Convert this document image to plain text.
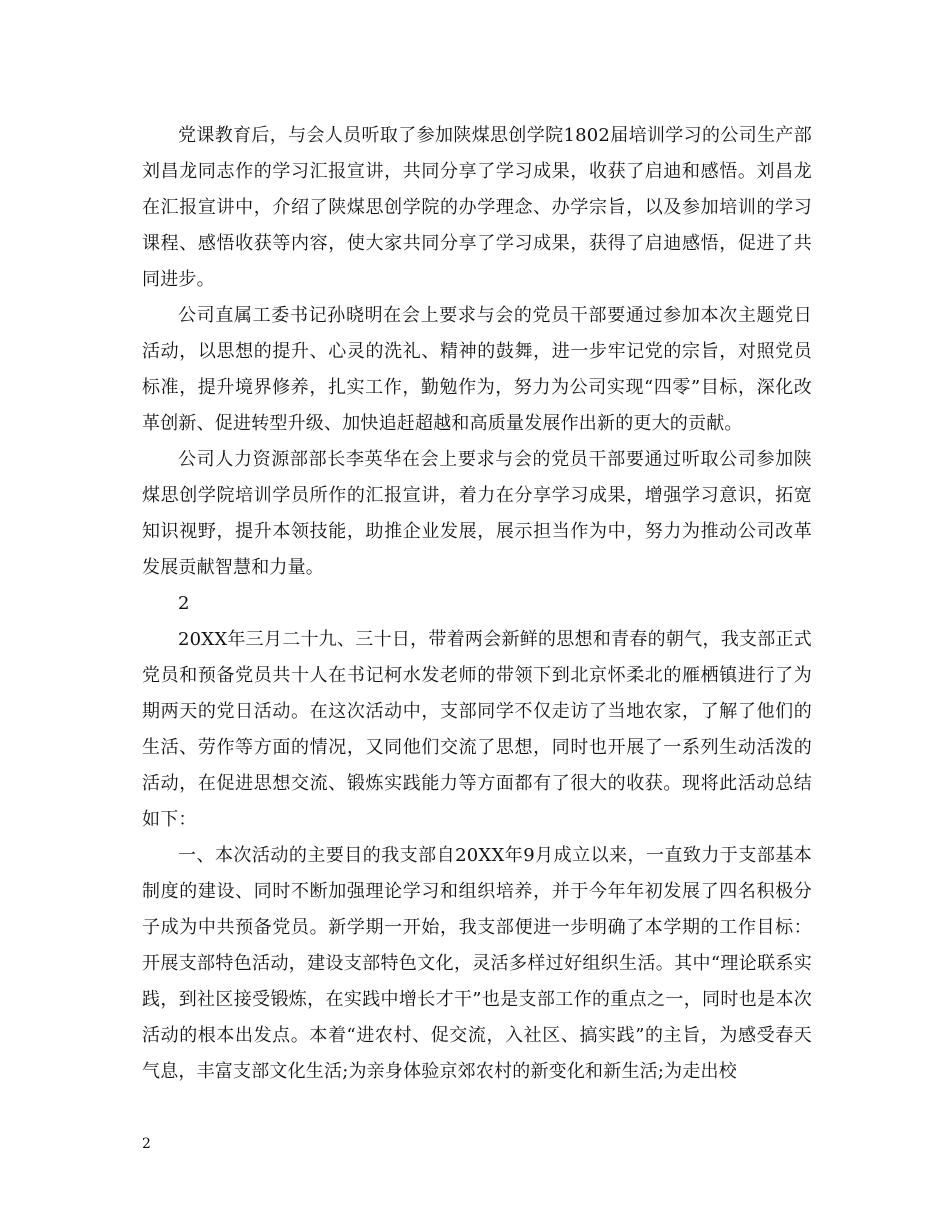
党课教育后，与会人员听取了参加陕煤思创学院1802届培训学习的公司生产部刘昌龙同志作的学习汇报宣讲，共同分享了学习成果，收获了启迪和感悟。刘昌龙在汇报宣讲中，介绍了陕煤思创学院的办学理念、办学宗旨，以及参加培训的学习课程、感悟收获等内容，使大家共同分享了学习成果，获得了启迪感悟，促进了共同进步。

公司直属工委书记孙晓明在会上要求与会的党员干部要通过参加本次主题党日活动，以思想的提升、心灵的洗礼、精神的鼓舞，进一步牢记党的宗旨，对照党员标准，提升境界修养，扎实工作，勤勉作为，努力为公司实现“四零”目标，深化改革创新、促进转型升级、加快追赶超越和高质量发展作出新的更大的贡献。

公司人力资源部部长李英华在会上要求与会的党员干部要通过听取公司参加陕煤思创学院培训学员所作的汇报宣讲，着力在分享学习成果，增强学习意识，拓宽知识视野，提升本领技能，助推企业发展，展示担当作为中，努力为推动公司改革发展贡献智慧和力量。

2

20XX年三月二十九、三十日，带着两会新鲜的思想和青春的朝气，我支部正式党员和预备党员共十人在书记柯水发老师的带领下到北京怀柔北的雁栖镇进行了为期两天的党日活动。在这次活动中，支部同学不仅走访了当地农家，了解了他们的生活、劳作等方面的情况，又同他们交流了思想，同时也开展了一系列生动活泼的活动，在促进思想交流、锻炼实践能力等方面都有了很大的收获。现将此活动总结如下：

一、本次活动的主要目的我支部自20XX年9月成立以来，一直致力于支部基本制度的建设、同时不断加强理论学习和组织培养，并于今年年初发展了四名积极分子成为中共预备党员。新学期一开始，我支部便进一步明确了本学期的工作目标：开展支部特色活动，建设支部特色文化，灵活多样过好组织生活。其中“理论联系实践，到社区接受锻炼，在实践中增长才干”也是支部工作的重点之一，同时也是本次活动的根本出发点。本着“进农村、促交流，入社区、搞实践”的主旨，为感受春天气息，丰富支部文化生活;为亲身体验京郊农村的新变化和新生活;为走出校

2
